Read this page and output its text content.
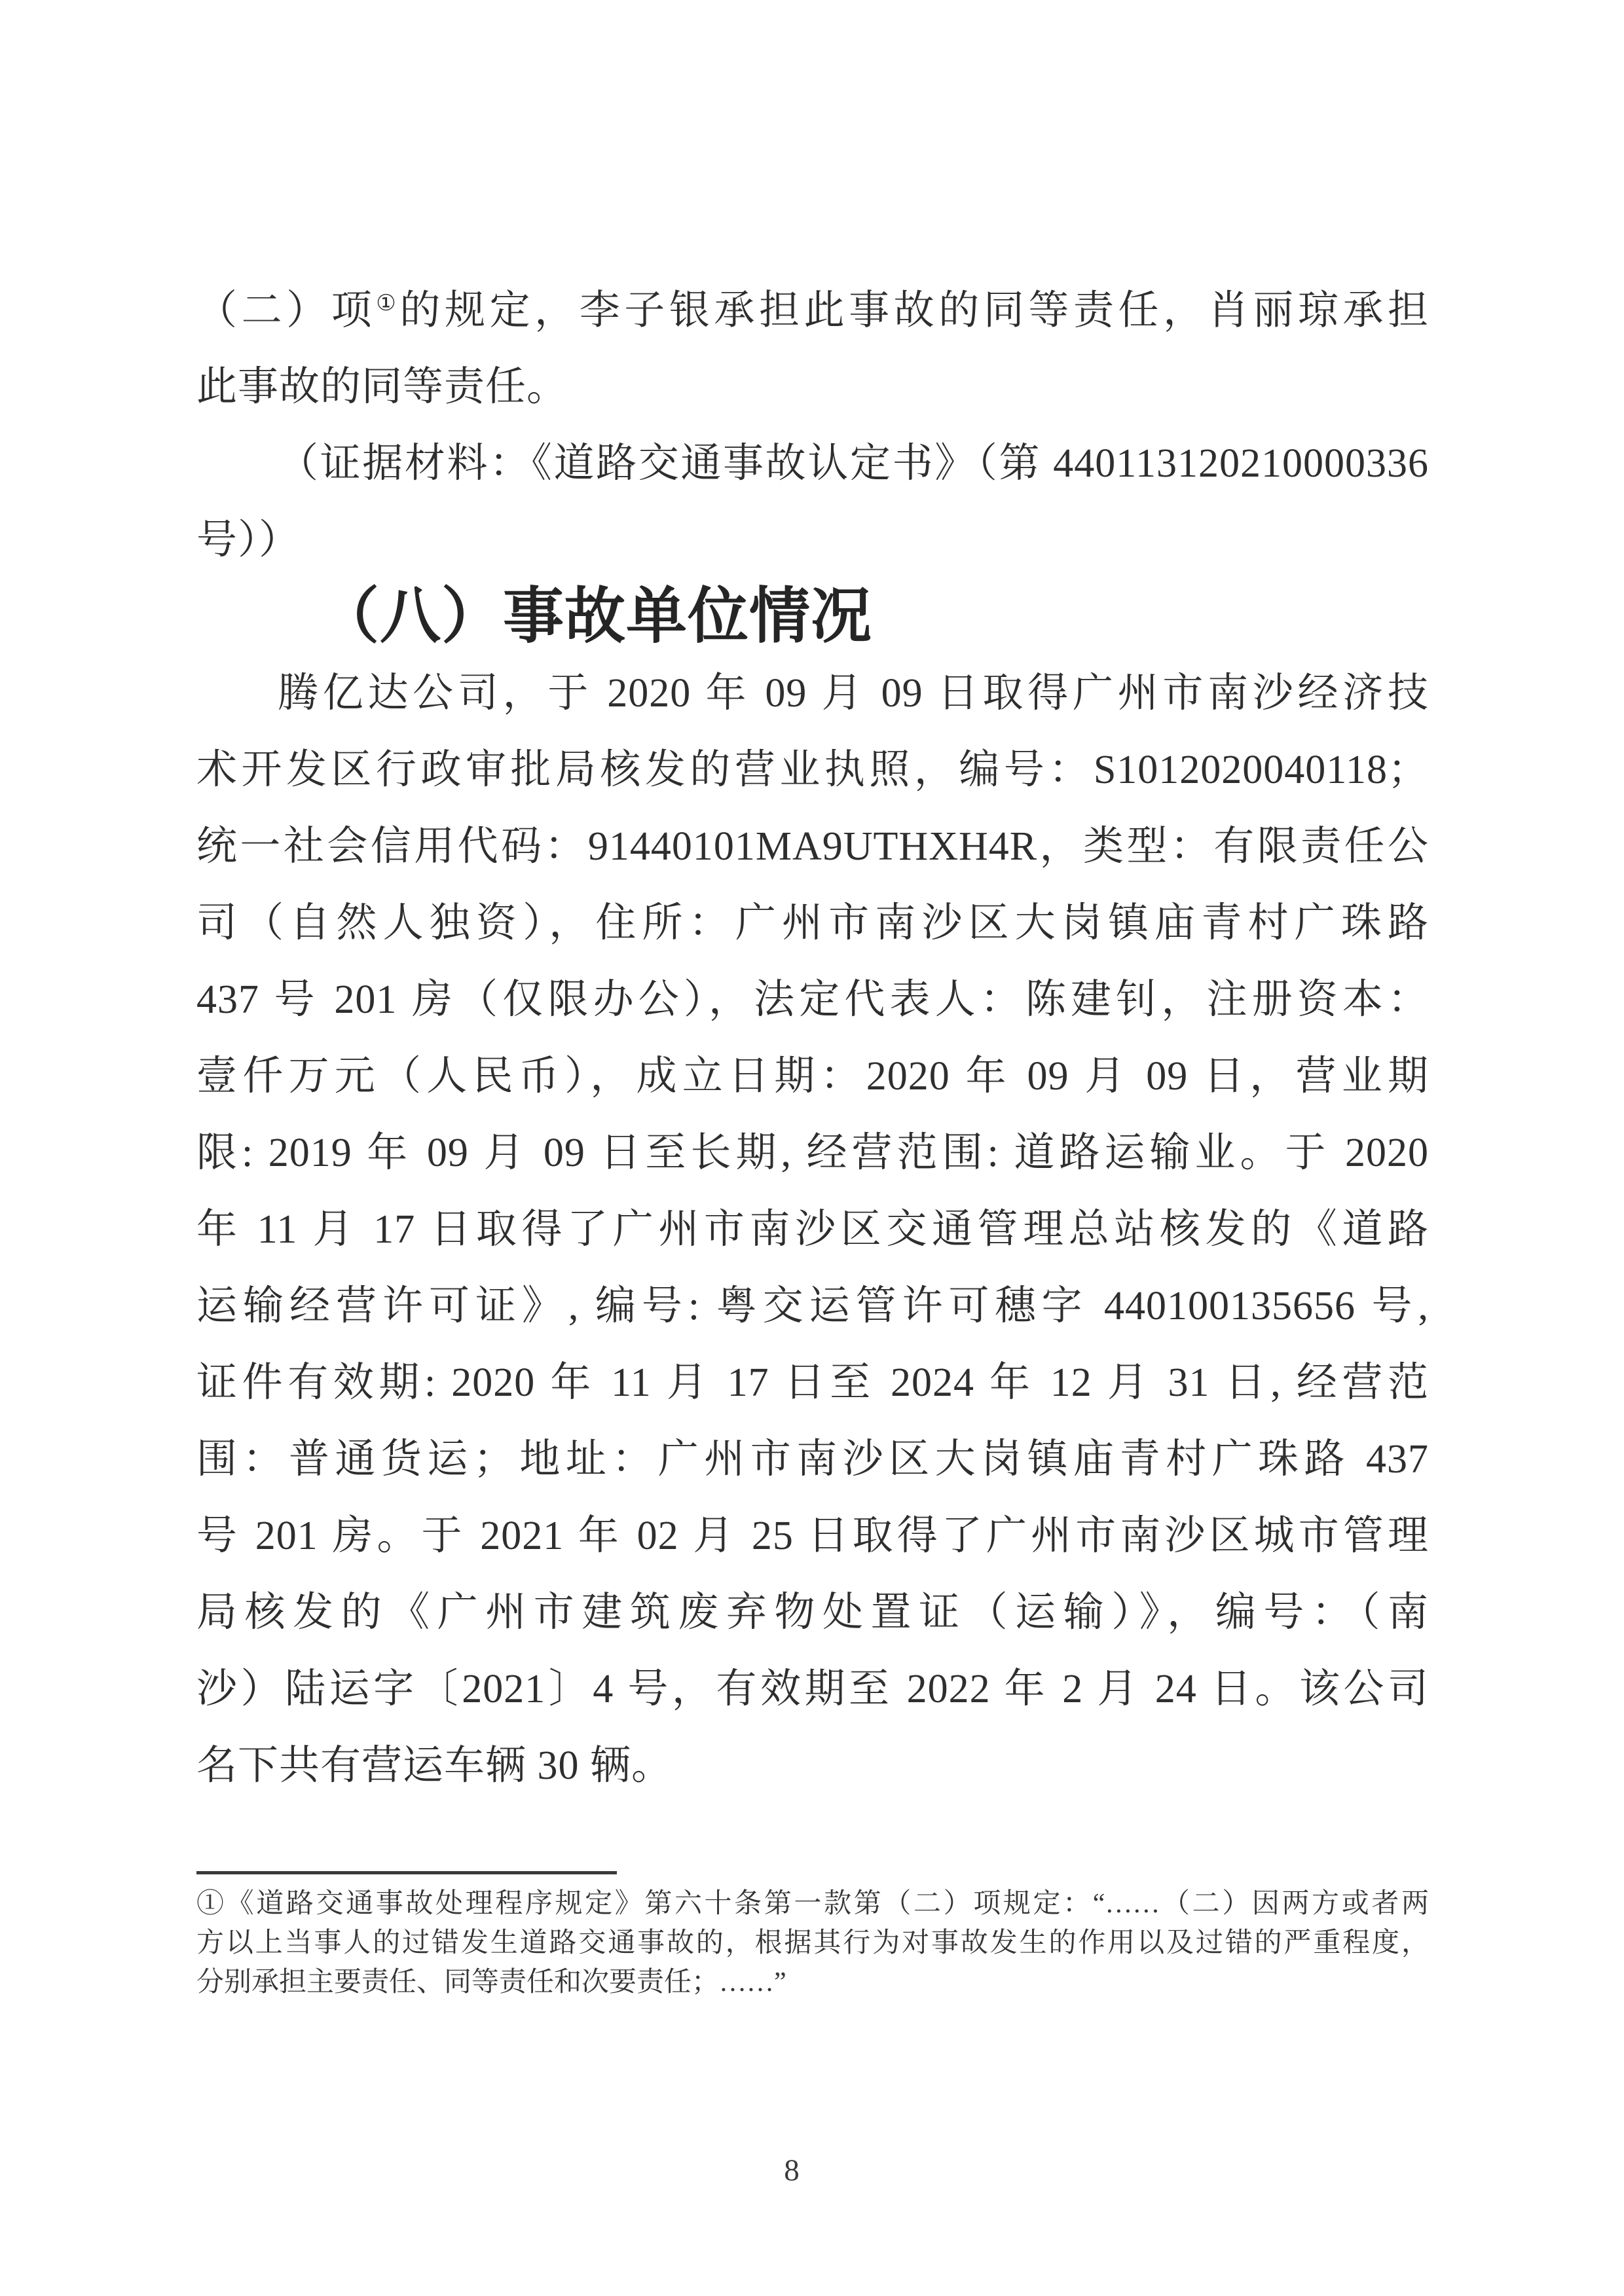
（二）项①的规定，李子银承担此事故的同等责任，肖丽琼承担

此事故的同等责任。

（证据材料：《道路交通事故认定书》（第 440113120210000336

号））

（八）事故单位情况

腾亿达公司，于 2020 年 09 月 09 日取得广州市南沙经济技

术开发区行政审批局核发的营业执照，编号：S1012020040118；

统一社会信用代码：91440101MA9UTHXH4R，类型：有限责任公

司（自然人独资），住所：广州市南沙区大岗镇庙青村广珠路

437 号 201 房（仅限办公），法定代表人：陈建钊，注册资本：

壹仟万元（人民币），成立日期：2020 年 09 月 09 日，营业期

限: 2019 年 09 月 09 日至长期, 经营范围: 道路运输业。于 2020

年 11 月 17 日取得了广州市南沙区交通管理总站核发的《道路

运输经营许可证》, 编号: 粤交运管许可穗字 440100135656 号,

证件有效期: 2020 年 11 月 17 日至 2024 年 12 月 31 日, 经营范

围：普通货运；地址：广州市南沙区大岗镇庙青村广珠路 437

号 201 房。于 2021 年 02 月 25 日取得了广州市南沙区城市管理

局核发的《广州市建筑废弃物处置证（运输）》，编号：（南

沙）陆运字〔2021〕4 号，有效期至 2022 年 2 月 24 日。该公司

名下共有营运车辆 30 辆。

①《道路交通事故处理程序规定》第六十条第一款第（二）项规定：“……（二）因两方或者两

方以上当事人的过错发生道路交通事故的，根据其行为对事故发生的作用以及过错的严重程度，

分别承担主要责任、同等责任和次要责任；……”

8
